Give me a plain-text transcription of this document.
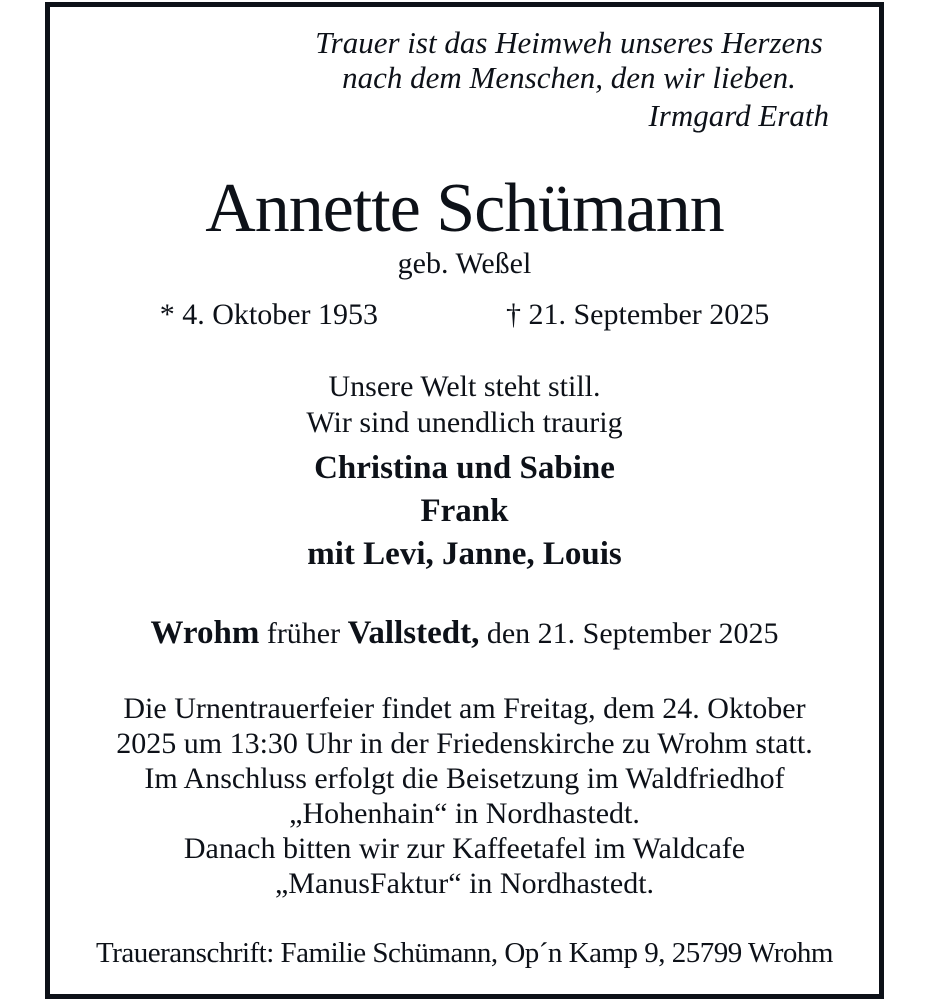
Trauer ist das Heimweh unseres Herzens
nach dem Menschen, den wir lieben.
Irmgard Erath
Annette Schümann
geb. Weßel
* 4. Oktober 1953	† 21. September 2025
Unsere Welt steht still.
Wir sind unendlich traurig
Christina und Sabine
Frank
mit Levi, Janne, Louis
Wrohm früher Vallstedt, den 21. September 2025
Die Urnentrauerfeier findet am Freitag, dem 24. Oktober
2025 um 13:30 Uhr in der Friedenskirche zu Wrohm statt.
Im Anschluss erfolgt die Beisetzung im Waldfriedhof
„Hohenhain“ in Nordhastedt.
Danach bitten wir zur Kaffeetafel im Waldcafe
„ManusFaktur“ in Nordhastedt.
Traueranschrift: Familie Schümann, Op´n Kamp 9, 25799 Wrohm
